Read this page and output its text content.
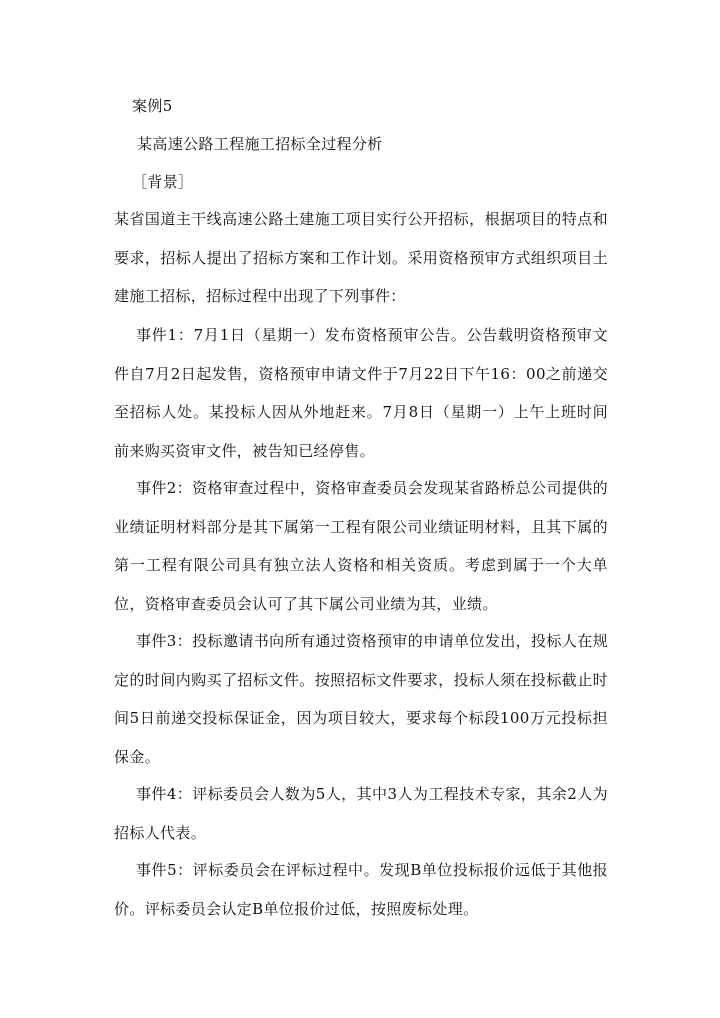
案例5
某高速公路工程施工招标全过程分析
［背景］
某省国道主干线高速公路土建施工项目实行公开招标，根据项目的特点和要求，招标人提出了招标方案和工作计划。采用资格预审方式组织项目土建施工招标，招标过程中出现了下列事件：
事件1：7月1日（星期一）发布资格预审公告。公告载明资格预审文件自7月2日起发售，资格预审申请文件于7月22日下午16：00之前递交至招标人处。某投标人因从外地赶来。7月8日（星期一）上午上班时间前来购买资审文件，被告知已经停售。
事件2：资格审查过程中，资格审查委员会发现某省路桥总公司提供的业绩证明材料部分是其下属第一工程有限公司业绩证明材料，且其下属的第一工程有限公司具有独立法人资格和相关资质。考虑到属于一个大单位，资格审查委员会认可了其下属公司业绩为其，业绩。
事件3：投标邀请书向所有通过资格预审的申请单位发出，投标人在规定的时间内购买了招标文件。按照招标文件要求，投标人须在投标截止时间5日前递交投标保证金，因为项目较大，要求每个标段100万元投标担保金。
事件4：评标委员会人数为5人，其中3人为工程技术专家，其余2人为招标人代表。
事件5：评标委员会在评标过程中。发现B单位投标报价远低于其他报价。评标委员会认定B单位报价过低，按照废标处理。
